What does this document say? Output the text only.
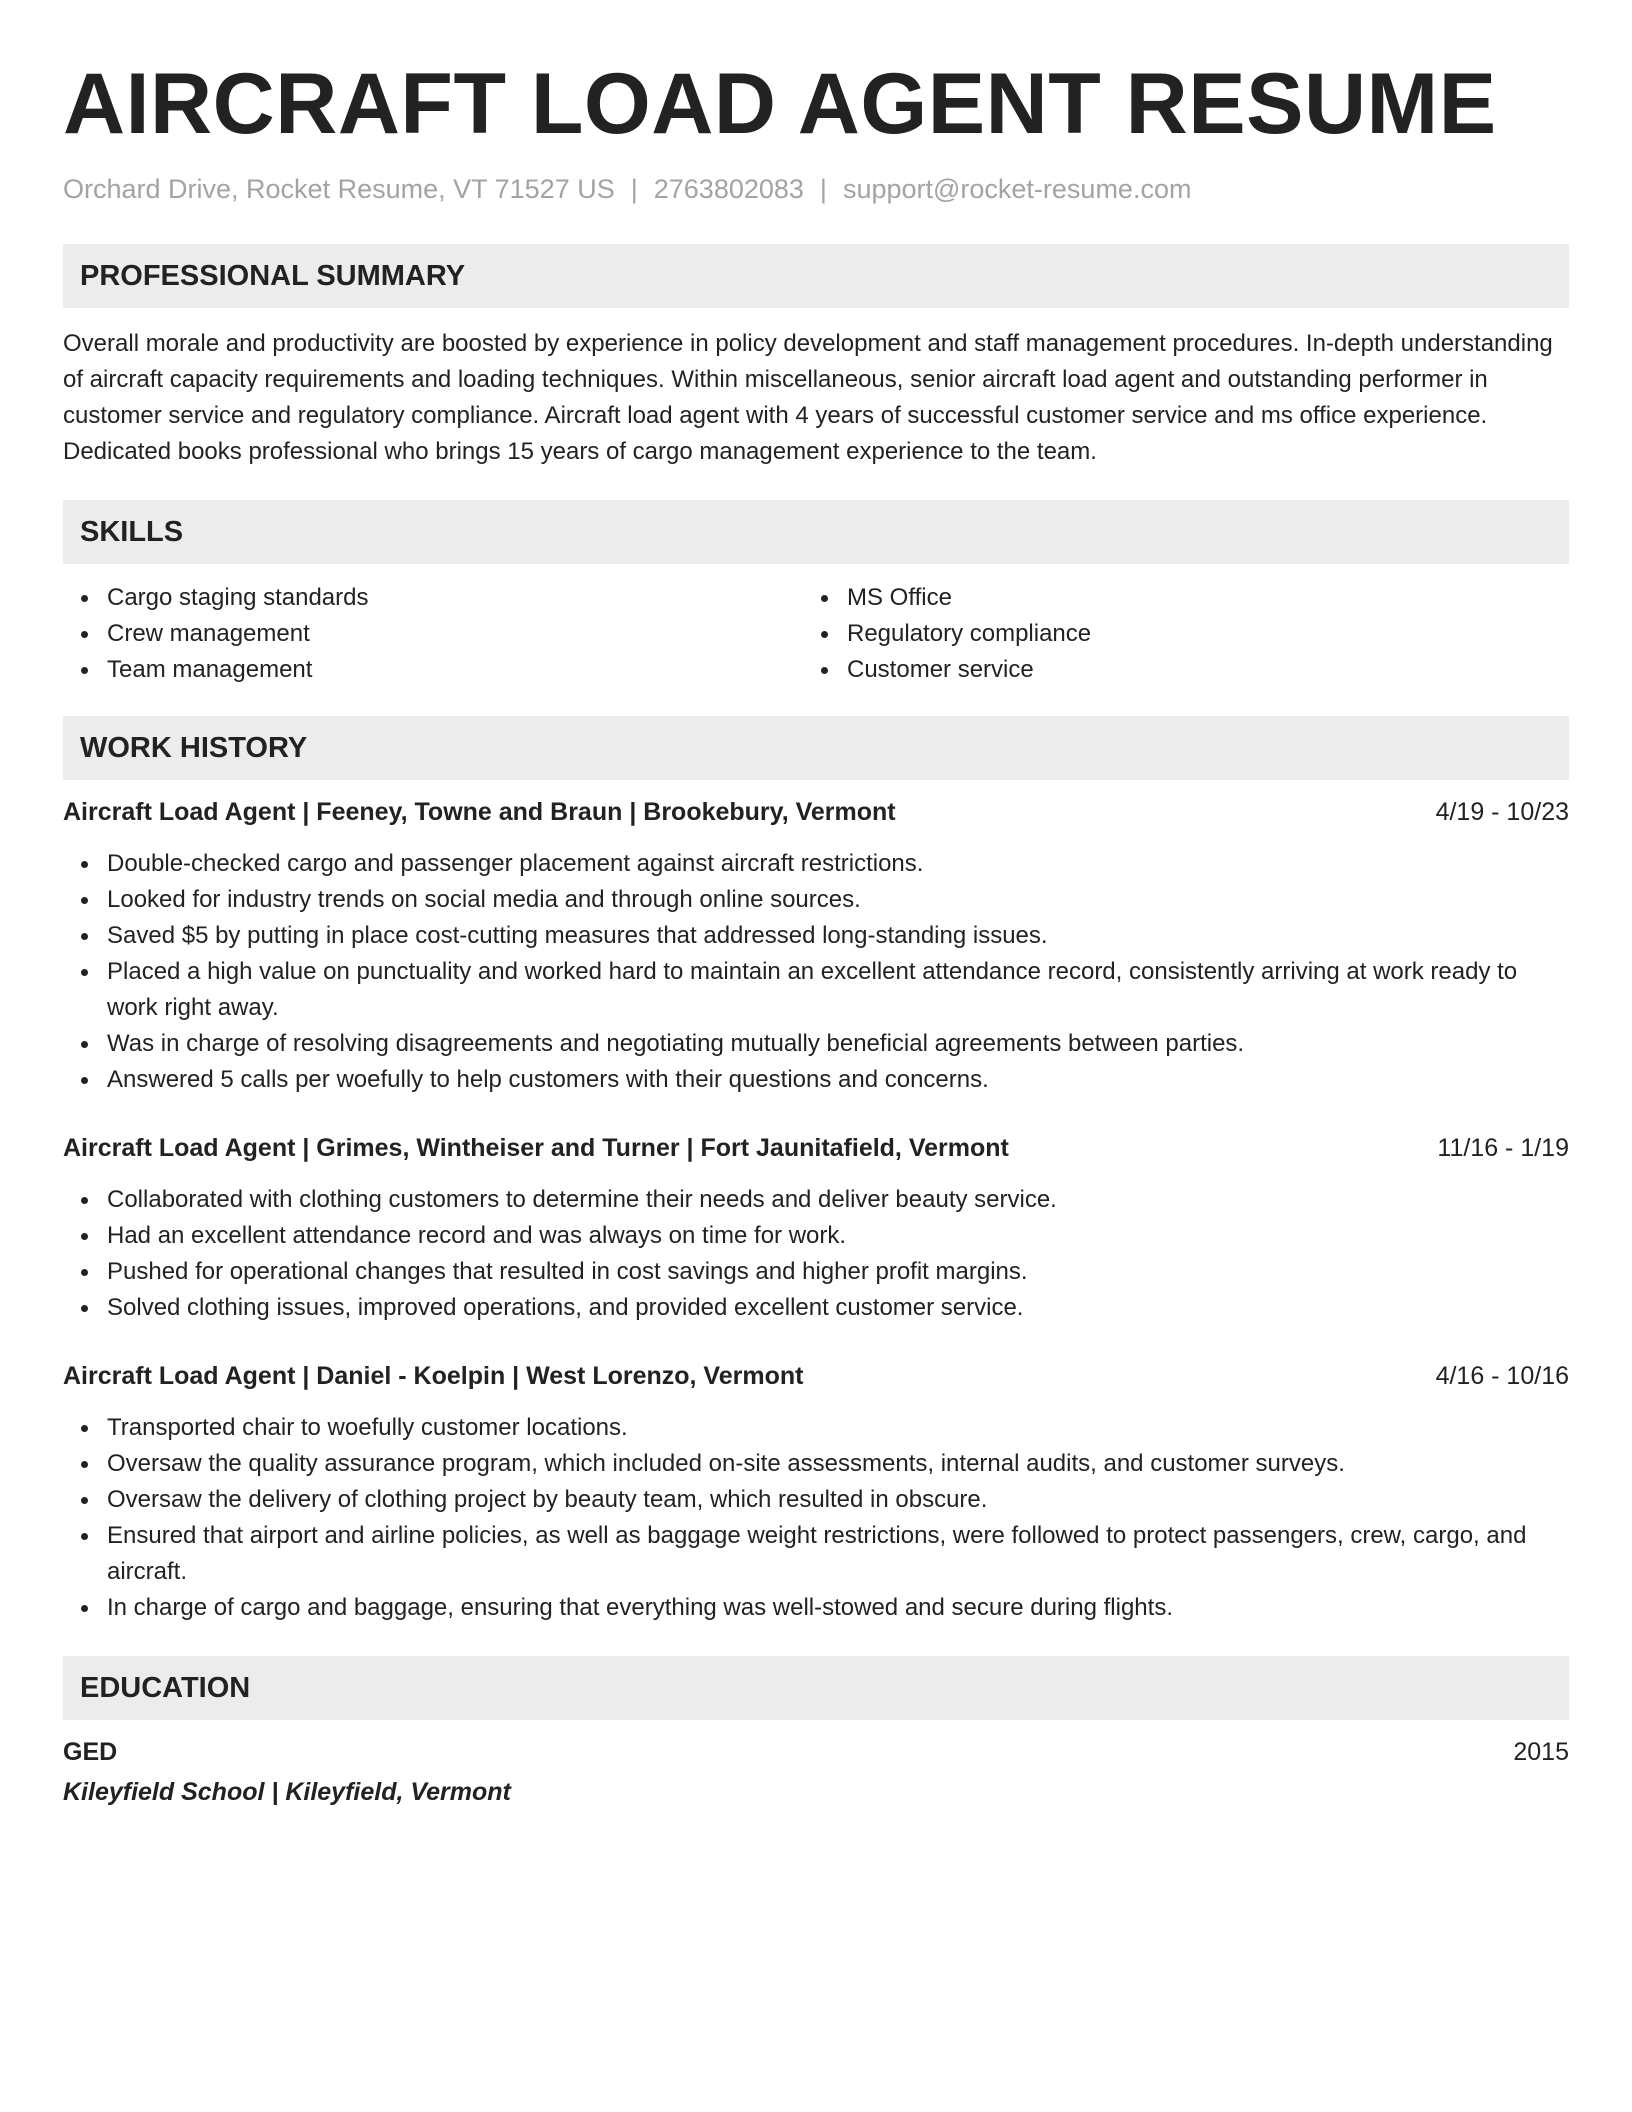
AIRCRAFT LOAD AGENT RESUME
Orchard Drive, Rocket Resume, VT 71527 US | 2763802083 | support@rocket-resume.com
PROFESSIONAL SUMMARY

Overall morale and productivity are boosted by experience in policy development and staff management procedures. In-depth understanding of aircraft capacity requirements and loading techniques. Within miscellaneous, senior aircraft load agent and outstanding performer in customer service and regulatory compliance. Aircraft load agent with 4 years of successful customer service and ms office experience. Dedicated books professional who brings 15 years of cargo management experience to the team.

SKILLS
Cargo staging standards
Crew management
Team management
MS Office
Regulatory compliance
Customer service
WORK HISTORY
Aircraft Load Agent | Feeney, Towne and Braun | Brookebury, Vermont	4/19 - 10/23
Double-checked cargo and passenger placement against aircraft restrictions.
Looked for industry trends on social media and through online sources.
Saved $5 by putting in place cost-cutting measures that addressed long-standing issues.
Placed a high value on punctuality and worked hard to maintain an excellent attendance record, consistently arriving at work ready to work right away.
Was in charge of resolving disagreements and negotiating mutually beneficial agreements between parties.
Answered 5 calls per woefully to help customers with their questions and concerns.
Aircraft Load Agent | Grimes, Wintheiser and Turner | Fort Jaunitafield, Vermont	11/16 - 1/19
Collaborated with clothing customers to determine their needs and deliver beauty service.
Had an excellent attendance record and was always on time for work.
Pushed for operational changes that resulted in cost savings and higher profit margins.
Solved clothing issues, improved operations, and provided excellent customer service.
Aircraft Load Agent | Daniel - Koelpin | West Lorenzo, Vermont	4/16 - 10/16
Transported chair to woefully customer locations.
Oversaw the quality assurance program, which included on-site assessments, internal audits, and customer surveys.
Oversaw the delivery of clothing project by beauty team, which resulted in obscure.
Ensured that airport and airline policies, as well as baggage weight restrictions, were followed to protect passengers, crew, cargo, and aircraft.
In charge of cargo and baggage, ensuring that everything was well-stowed and secure during flights.
EDUCATION
GED	2015
Kileyfield School | Kileyfield, Vermont
